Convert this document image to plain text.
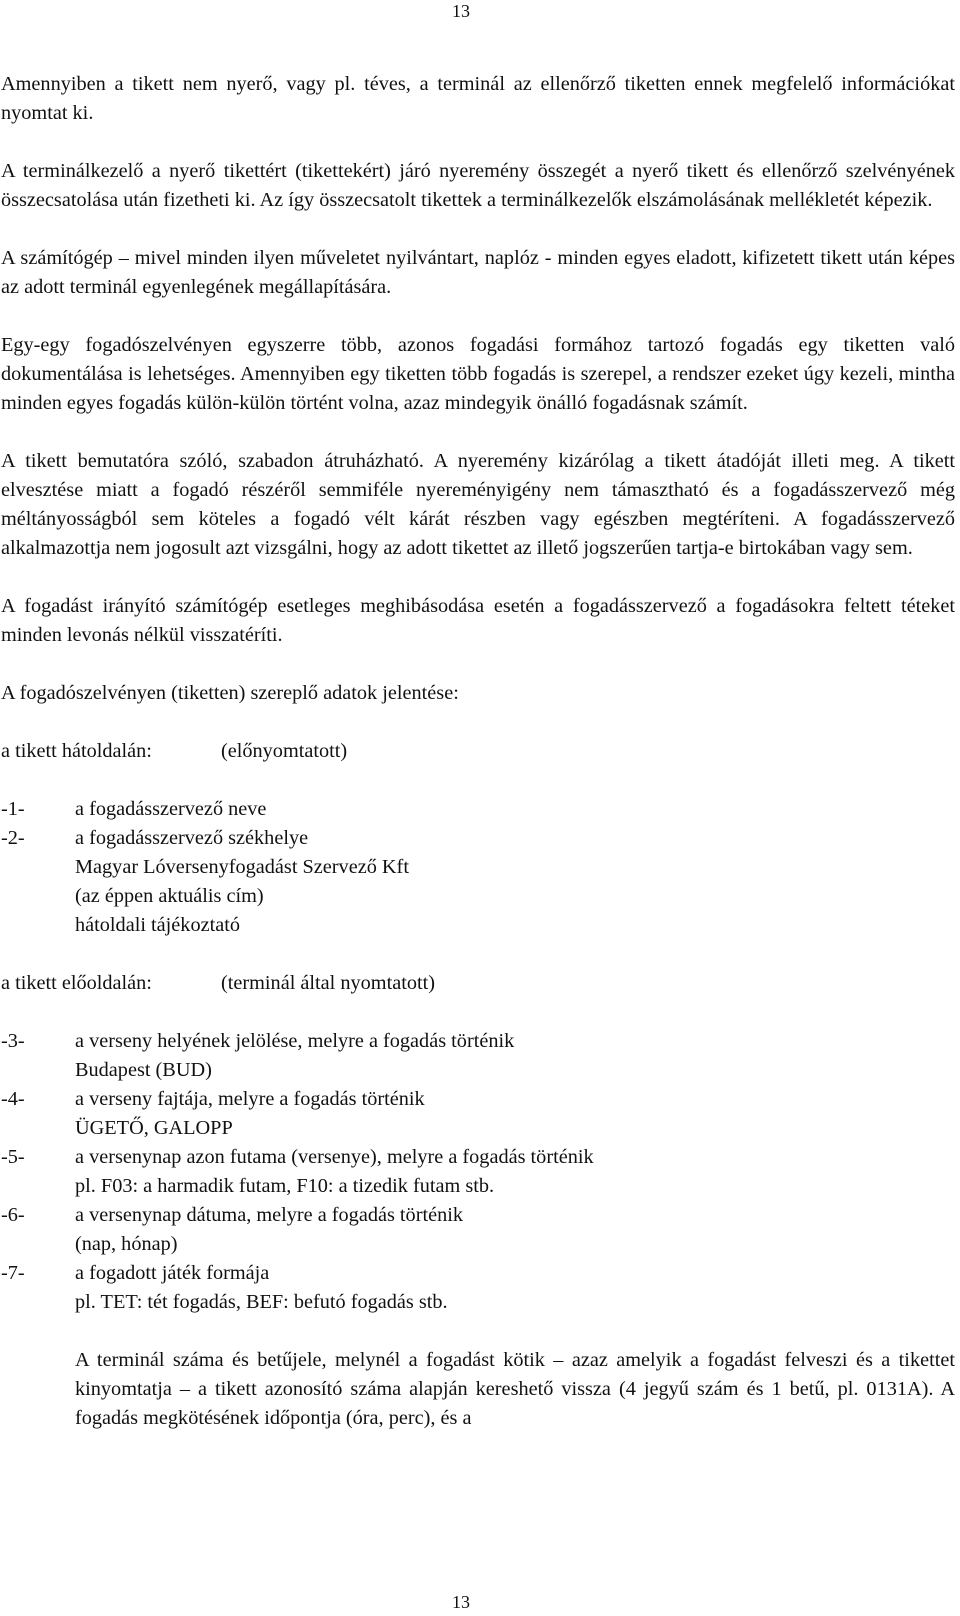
13

Amennyiben a tikett nem nyerő, vagy pl. téves, a terminál az ellenőrző tiketten ennek megfelelő információkat nyomtat ki.

A terminálkezelő a nyerő tikettért (tikettekért) járó nyeremény összegét a nyerő tikett és ellenőrző szelvényének összecsatolása után fizetheti ki. Az így összecsatolt tikettek a terminálkezelők elszámolásának mellékletét képezik.

A számítógép – mivel minden ilyen műveletet nyilvántart, naplóz - minden egyes eladott, kifizetett tikett után képes az adott terminál egyenlegének megállapítására.

Egy-egy fogadószelvényen egyszerre több, azonos fogadási formához tartozó fogadás egy tiketten való dokumentálása is lehetséges. Amennyiben egy tiketten több fogadás is szerepel, a rendszer ezeket úgy kezeli, mintha minden egyes fogadás külön-külön történt volna, azaz mindegyik önálló fogadásnak számít.

A tikett bemutatóra szóló, szabadon átruházható. A nyeremény kizárólag a tikett átadóját illeti meg. A tikett elvesztése miatt a fogadó részéről semmiféle nyereményigény nem támasztható és a fogadásszervező még méltányosságból sem köteles a fogadó vélt kárát részben vagy egészben megtéríteni. A fogadásszervező alkalmazottja nem jogosult azt vizsgálni, hogy az adott tikettet az illető jogszerűen tartja-e birtokában vagy sem.

A fogadást irányító számítógép esetleges meghibásodása esetén a fogadásszervező a fogadásokra feltett téteket minden levonás nélkül visszatéríti.

A fogadószelvényen (tiketten) szereplő adatok jelentése:

a tikett hátoldalán:	(előnyomtatott)
-1-	a fogadásszervező neve
-2-	a fogadásszervező székhelye
Magyar Lóversenyfogadást Szervező Kft
(az éppen aktuális cím)
hátoldali tájékoztató
a tikett előoldalán:	(terminál által nyomtatott)
-3-	a verseny helyének jelölése, melyre a fogadás történik
Budapest (BUD)
-4-	a verseny fajtája, melyre a fogadás történik
ÜGETŐ, GALOPP
-5-	a versenynap azon futama (versenye), melyre a fogadás történik
pl. F03: a harmadik futam, F10: a tizedik futam stb.
-6-	a versenynap dátuma, melyre a fogadás történik
(nap, hónap)
-7-	a fogadott játék formája
pl. TET: tét fogadás, BEF: befutó fogadás stb.

A terminál száma és betűjele, melynél a fogadást kötik – azaz amelyik a fogadást felveszi és a tikettet kinyomtatja – a tikett azonosító száma alapján kereshető vissza (4 jegyű szám és 1 betű, pl. 0131A). A fogadás megkötésének időpontja (óra, perc), és a

13
